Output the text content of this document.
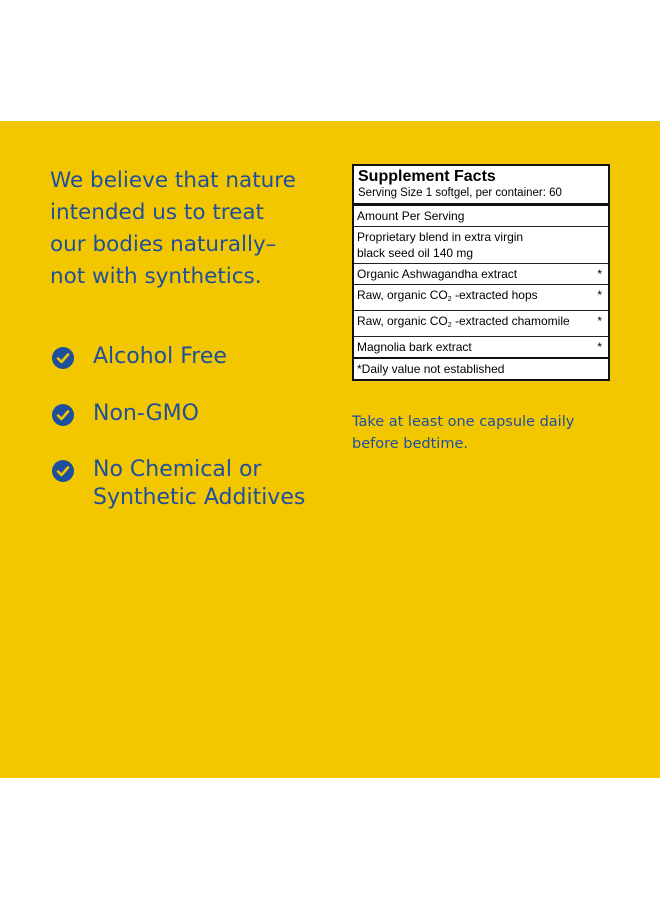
We believe that nature
intended us to treat
our bodies naturally–
not with synthetics.

Alcohol Free
Non-GMO
No Chemical or
Synthetic Additives
Supplement Facts
Serving Size 1 softgel, per container: 60
Amount Per Serving
Proprietary blend in extra virgin
black seed oil 140 mg
Organic Ashwagandha extract	*
Raw, organic $CO_2$ -extracted hops	*
Raw, organic $CO_2$ -extracted chamomile *
Magnolia bark extract	*
*Daily value not established
Take at least one capsule daily
before bedtime.
